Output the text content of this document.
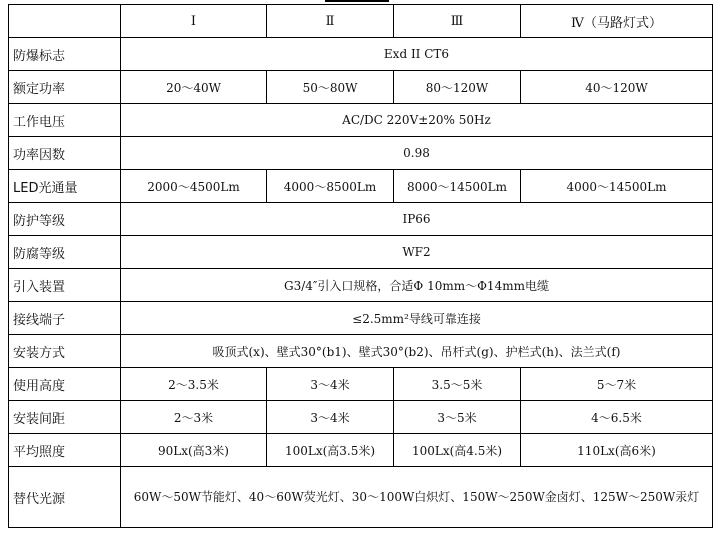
	Ⅰ	Ⅱ	Ⅲ	Ⅳ（马路灯式）
防爆标志	Exd II CT6			
额定功率	20～40W	50～80W	80～120W	40～120W
工作电压	AC/DC 220V±20% 50Hz			
功率因数	0.98			
LED光通量	2000～4500Lm	4000～8500Lm	8000～14500Lm	4000～14500Lm
防护等级	IP66			
防腐等级	WF2			
引入装置	G3/4″引入口规格，合适Φ 10mm～Φ14mm电缆			
接线端子	≤2.5mm²导线可靠连接			
安装方式	吸顶式(x)、壁式30°(b1)、壁式30°(b2)、吊杆式(g)、护栏式(h)、法兰式(f)			
使用高度	2～3.5米	3～4米	3.5～5米	5～7米
安装间距	2～3米	3～4米	3～5米	4～6.5米
平均照度	90Lx(高3米)	100Lx(高3.5米)	100Lx(高4.5米)	110Lx(高6米)
替代光源	60W～50W节能灯、40～60W荧光灯、30～100W白炽灯、150W～250W金卤灯、125W～250W汞灯			
